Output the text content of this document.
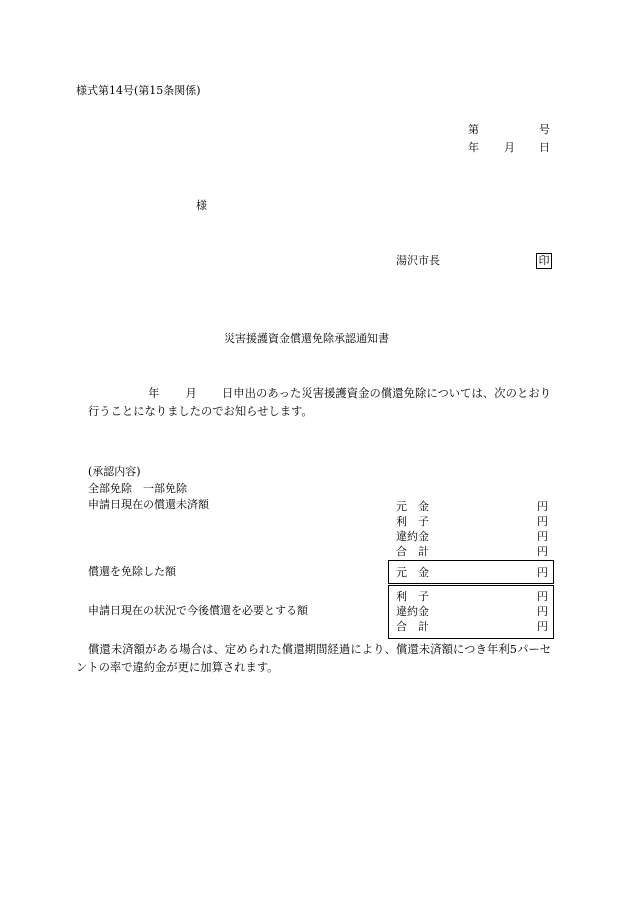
様式第14号(第15条関係)
第	号
年 月 日
様
湯沢市長	印
災害援護資金償還免除承認通知書
年 月 日申出のあった災害援護資金の償還免除については、次のとおり行うことになりましたのでお知らせします。
(承認内容)
全部免除　一部免除
申請日現在の償還未済額	元　金	円
利　子	円
違約金	円
合　計	円
償還を免除した額	元　金	円
申請日現在の状況で今後償還を必要とする額
利　子	円
違約金	円
合　計	円
償還未済額がある場合は、定められた償還期間経過により、償還未済額につき年利5パーセントの率で違約金が更に加算されます。
